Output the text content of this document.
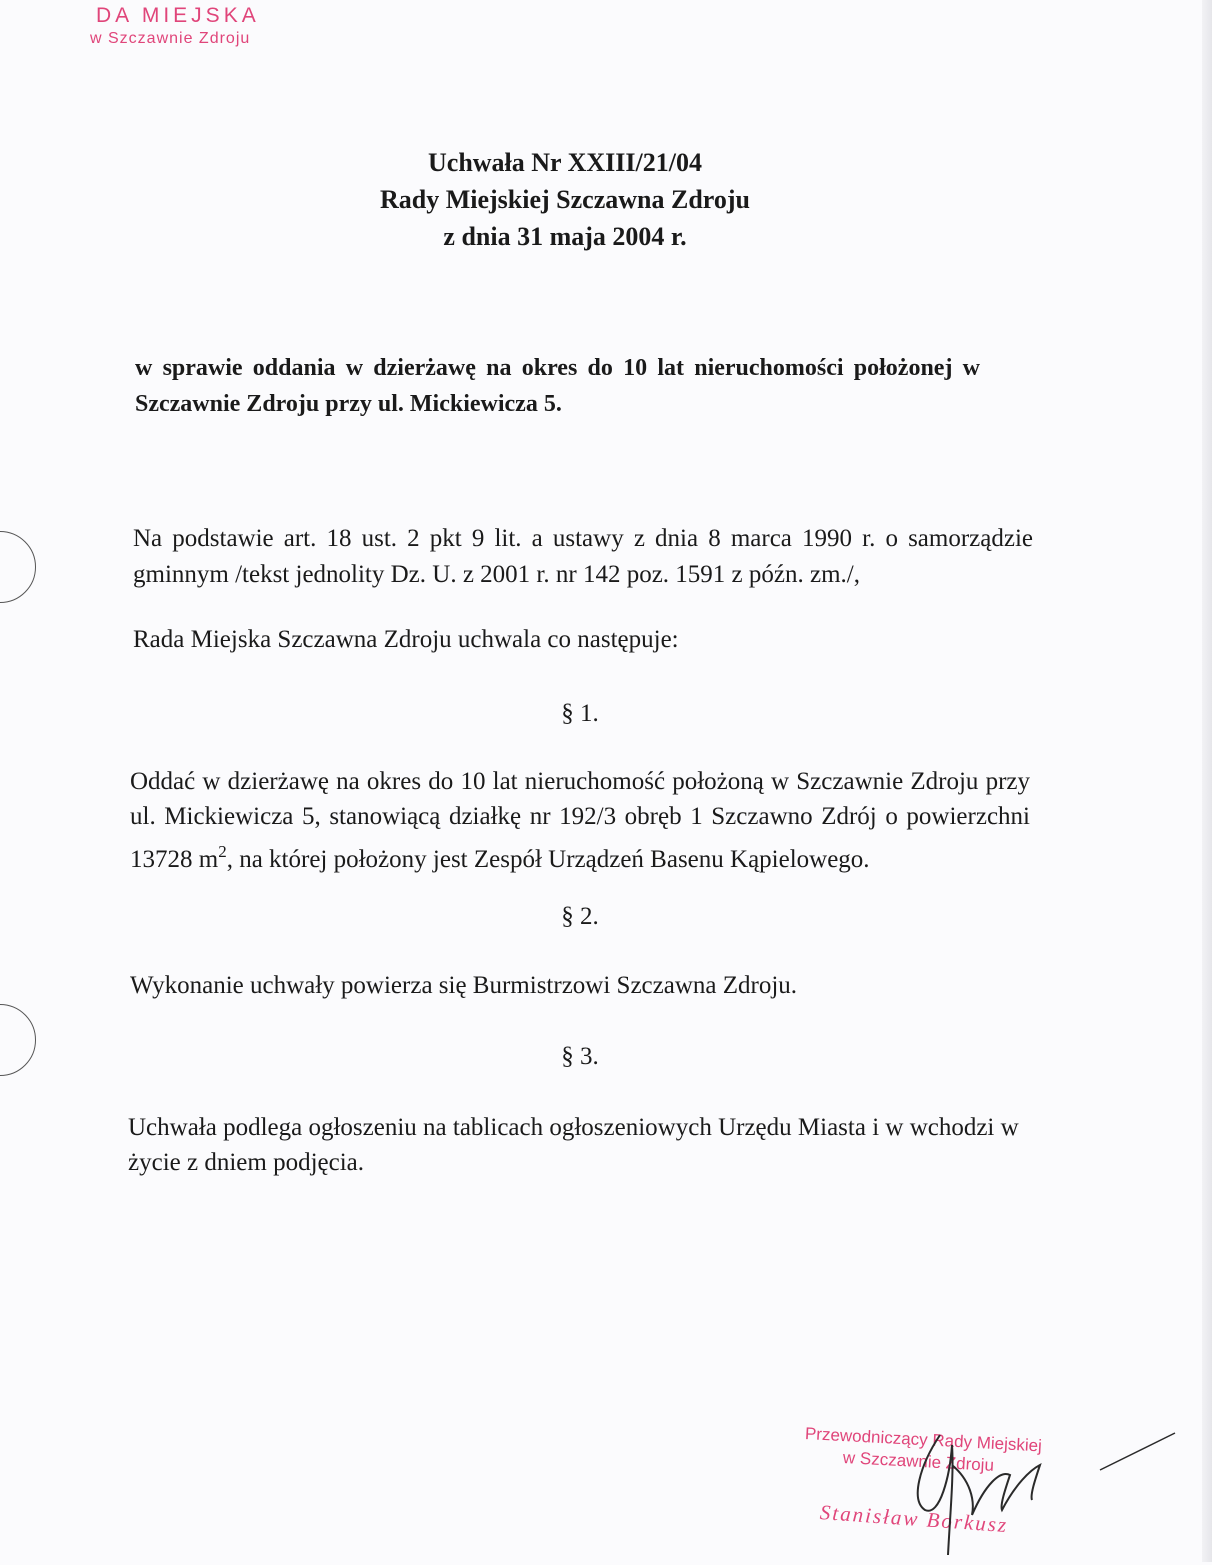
DA MIEJSKA
w Szczawnie Zdroju
Uchwała Nr XXIII/21/04
Rady Miejskiej Szczawna Zdroju
z dnia 31 maja 2004 r.
w sprawie oddania w dzierżawę na okres do 10 lat nieruchomości położonej w Szczawnie Zdroju przy ul. Mickiewicza 5.
Na podstawie art. 18 ust. 2 pkt 9 lit. a ustawy z dnia 8 marca 1990 r. o samorządzie gminnym /tekst jednolity Dz. U. z 2001 r. nr 142 poz. 1591 z późn. zm./,
Rada Miejska Szczawna Zdroju uchwala co następuje:
§ 1.
Oddać w dzierżawę na okres do 10 lat nieruchomość położoną w Szczawnie Zdroju przy ul. Mickiewicza 5, stanowiącą działkę nr 192/3 obręb 1 Szczawno Zdrój o powierzchni 13728 $m^2$, na której położony jest Zespół Urządzeń Basenu Kąpielowego.
§ 2.
Wykonanie uchwały powierza się Burmistrzowi Szczawna Zdroju.
§ 3.
Uchwała podlega ogłoszeniu na tablicach ogłoszeniowych Urzędu Miasta i w wchodzi w życie z dniem podjęcia.
Przewodniczący Rady Miejskiej
w Szczawnie Zdroju
Stanisław Borkusz
